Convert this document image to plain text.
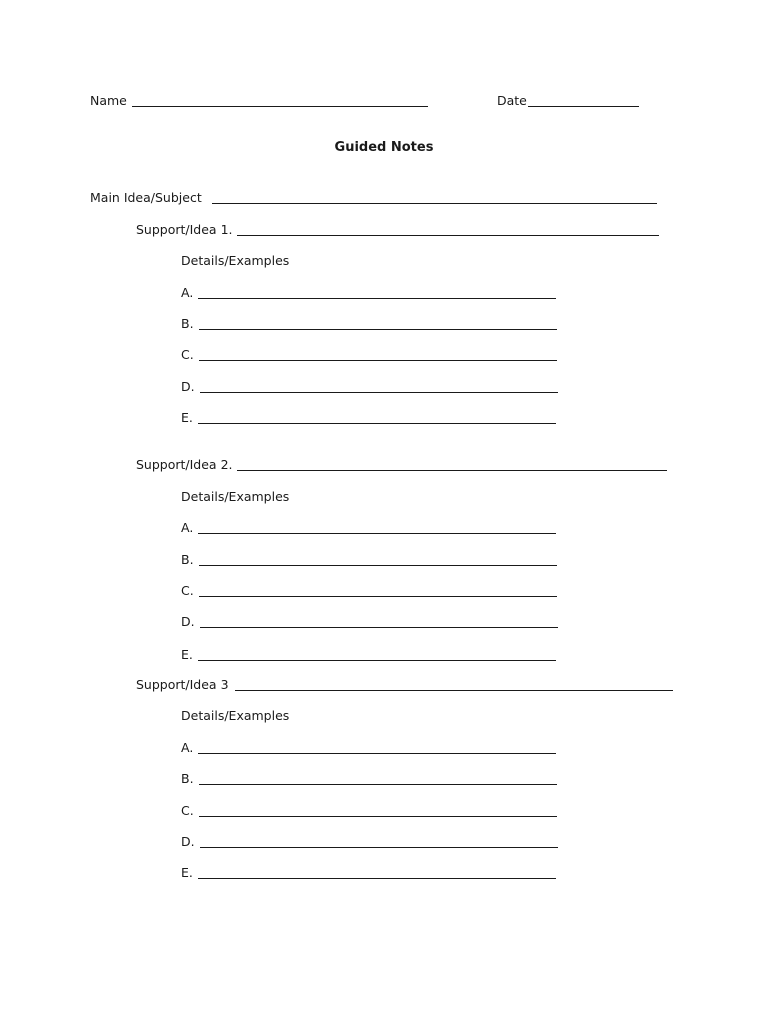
Name	Date
Guided Notes
Main Idea/Subject
Support/Idea 1.
Details/Examples
A.
B.
C.
D.
E.
Support/Idea 2.
Details/Examples
A.
B.
C.
D.
E.
Support/Idea 3
Details/Examples
A.
B.
C.
D.
E.
